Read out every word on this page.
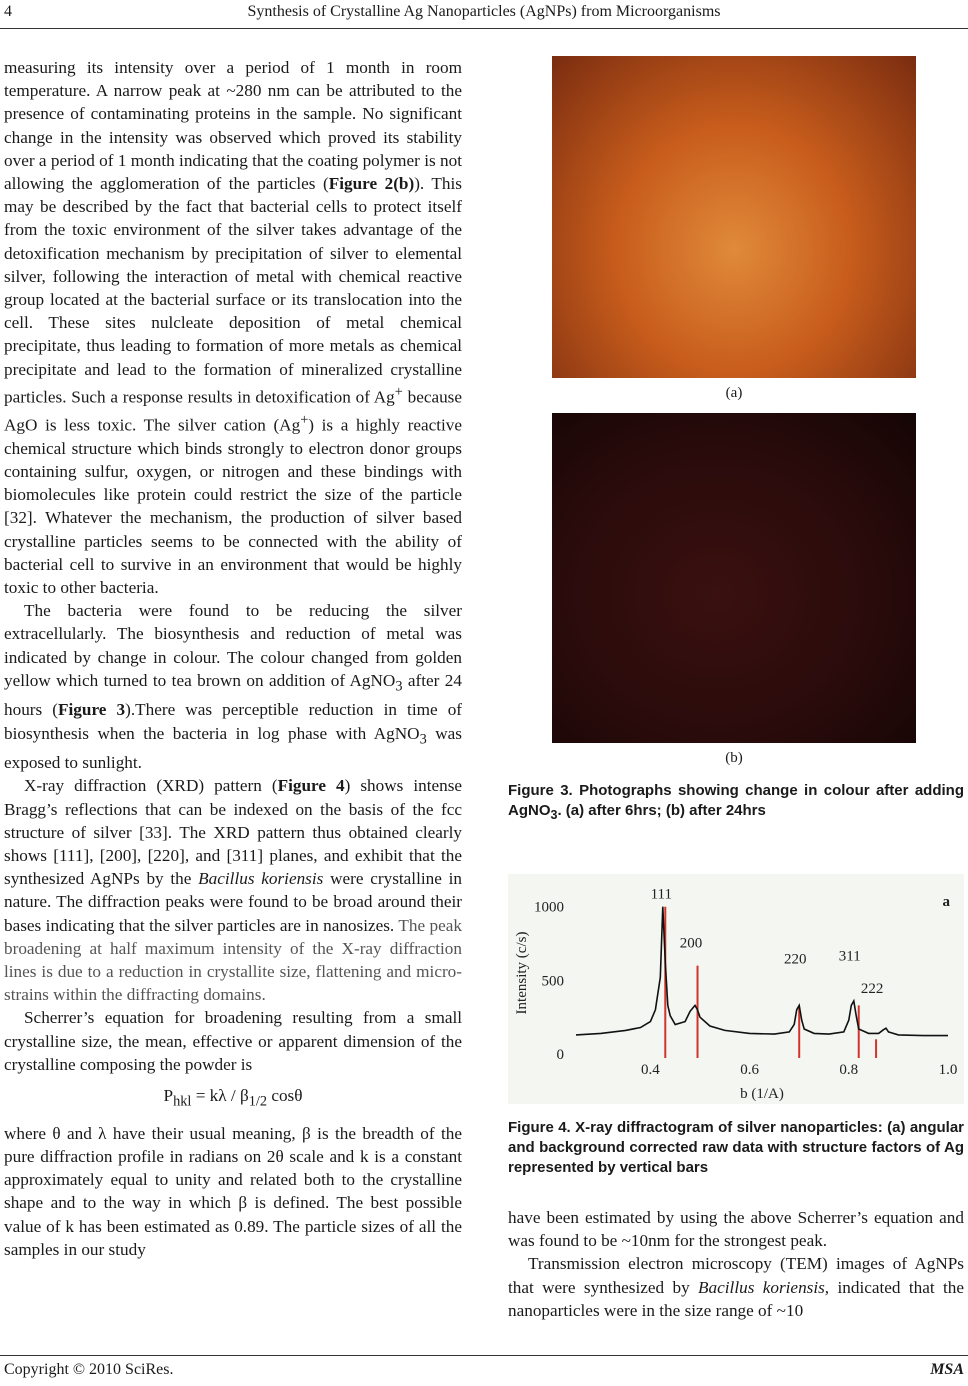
4	Synthesis of Crystalline Ag Nanoparticles (AgNPs) from Microorganisms

measuring its intensity over a period of 1 month in room temperature. A narrow peak at ~280 nm can be attributed to the presence of contaminating proteins in the sample. No significant change in the intensity was observed which proved its stability over a period of 1 month indicating that the coating polymer is not allowing the agglomeration of the particles (Figure 2(b)). This may be described by the fact that bacterial cells to protect itself from the toxic environment of the silver takes advantage of the detoxification mechanism by precipitation of silver to elemental silver, following the interaction of metal with chemical reactive group located at the bacterial surface or its translocation into the cell. These sites nulcleate deposition of metal chemical precipitate, thus leading to formation of more metals as chemical precipitate and lead to the formation of mineralized crystalline particles. Such a response results in detoxification of Ag+ because AgO is less toxic. The silver cation (Ag+) is a highly reactive chemical structure which binds strongly to electron donor groups containing sulfur, oxygen, or nitrogen and these bindings with biomolecules like protein could restrict the size of the particle [32]. Whatever the mechanism, the production of silver based crystalline particles seems to be connected with the ability of bacterial cell to survive in an environment that would be highly toxic to other bacteria.

The bacteria were found to be reducing the silver extracellularly. The biosynthesis and reduction of metal was indicated by change in colour. The colour changed from golden yellow which turned to tea brown on addition of AgNO$_3$ after 24 hours (Figure 3).There was perceptible reduction in time of biosynthesis when the bacteria in log phase with AgNO$_3$ was exposed to sunlight.

X-ray diffraction (XRD) pattern (Figure 4) shows intense Bragg’s reflections that can be indexed on the basis of the fcc structure of silver [33]. The XRD pattern thus obtained clearly shows [111], [200], [220], and [311] planes, and exhibit that the synthesized AgNPs by the Bacillus koriensis were crystalline in nature. The diffraction peaks were found to be broad around their bases indicating that the silver particles are in nanosizes. The peak broadening at half maximum intensity of the X-ray diffraction lines is due to a reduction in crystallite size, flattening and micro-strains within the diffracting domains.

Scherrer’s equation for broadening resulting from a small crystalline size, the mean, effective or apparent dimension of the crystalline composing the powder is

$P_{hkl} = k\lambda / \beta_{1/2}$ cosθ

where θ and λ have their usual meaning, β is the breadth of the pure diffraction profile in radians on 2θ scale and k is a constant approximately equal to unity and related both to the crystalline shape and to the way in which β is defined. The best possible value of k has been estimated as 0.89. The particle sizes of all the samples in our study

(a)
(b)
Figure 3. Photographs showing change in colour after adding AgNO$_3$. (a) after 6hrs; (b) after 24hrs
0
500
1000
0.4	0.6	0.8	1.0
Intensity (c/s)
b (1/A)
a
111
200
220 311
222
Figure 4. X-ray diffractogram of silver nanoparticles: (a) angular and background corrected raw data with structure factors of Ag represented by vertical bars

have been estimated by using the above Scherrer’s equation and was found to be ~10nm for the strongest peak.

Transmission electron microscopy (TEM) images of AgNPs that were synthesized by Bacillus koriensis, indicated that the nanoparticles were in the size range of ~10

Copyright © 2010 SciRes.	MSA
